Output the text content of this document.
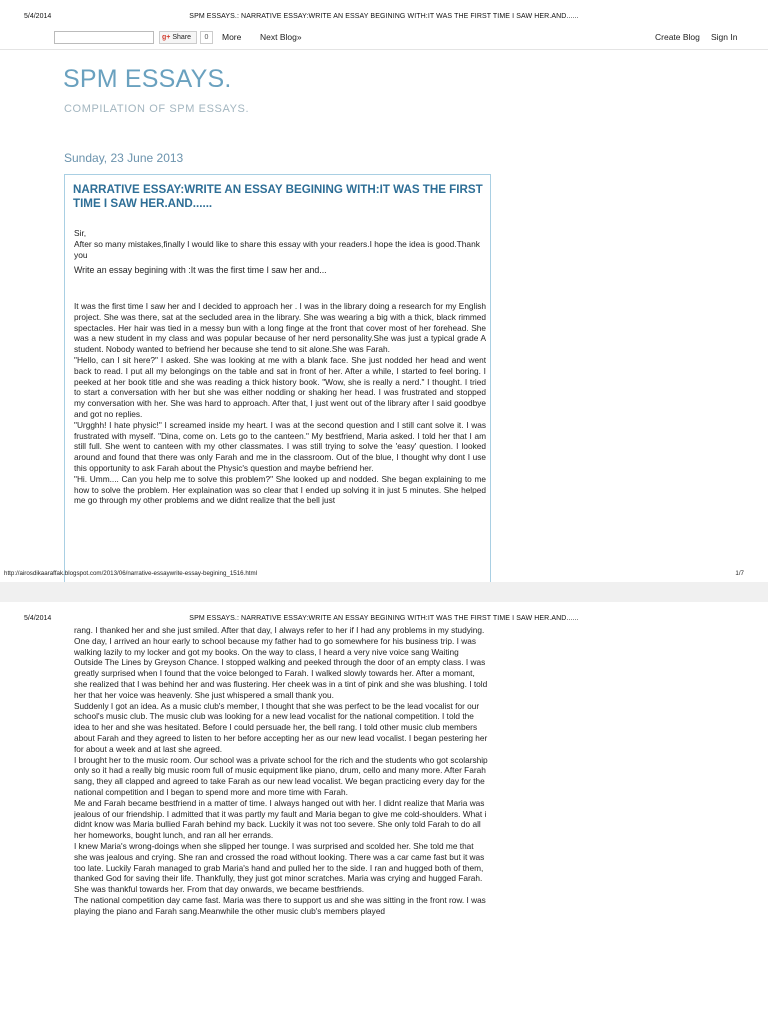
5/4/2014	SPM ESSAYS.: NARRATIVE ESSAY:WRITE AN ESSAY BEGINING WITH:IT WAS THE FIRST TIME I SAW HER.AND......
g+ Share	0	More Next Blog»	Create Blog Sign In
SPM ESSAYS.
COMPILATION OF SPM ESSAYS.
Sunday, 23 June 2013
NARRATIVE ESSAY:WRITE AN ESSAY BEGINING WITH:IT WAS THE FIRST TIME I SAW HER.AND......

Sir,

After so many mistakes,finally I would like to share this essay with your readers.I hope the idea is good.Thank you

Write an essay begining with :It was the first time I saw her and...

It was the first time I saw her and I decided to approach her . I was in the library doing a research for my English project. She was there, sat at the secluded area in the library. She was wearing a big with a thick, black rimmed spectacles. Her hair was tied in a messy bun with a long finge at the front that cover most of her forehead. She was a new student in my class and was popular because of her nerd personality.She was just a typical grade A student. Nobody wanted to befriend her because she tend to sit alone.She was Farah.

"Hello, can I sit here?" I asked. She was looking at me with a blank face. She just nodded her head and went back to read. I put all my belongings on the table and sat in front of her. After a while, I started to feel boring. I peeked at her book title and she was reading a thick history book. "Wow, she is really a nerd." I thought. I tried to start a conversation with her but she was either nodding or shaking her head. I was frustrated and stopped my conversation with her. She was hard to approach. After that, I just went out of the library after I said goodbye and got no replies.

"Urgghh! I hate physic!" I screamed inside my heart. I was at the second question and I still cant solve it. I was frustrated with myself. "Dina, come on. Lets go to the canteen." My bestfriend, Maria asked. I told her that I am still full. She went to canteen with my other classmates. I was still trying to solve the 'easy' question. I looked around and found that there was only Farah and me in the classroom. Out of the blue, I thought why dont I use this opportunity to ask Farah about the Physic's question and maybe befriend her.

"Hi. Umm.... Can you help me to solve this problem?" She looked up and nodded. She began explaining to me how to solve the problem. Her explaination was so clear that I ended up solving it in just 5 minutes. She helped me go through my other problems and we didnt realize that the bell just

http://airosdikaaraffak.blogspot.com/2013/06/narrative-essaywrite-essay-begining_1516.html	1/7
5/4/2014	SPM ESSAYS.: NARRATIVE ESSAY:WRITE AN ESSAY BEGINING WITH:IT WAS THE FIRST TIME I SAW HER.AND......

rang. I thanked her and she just smiled. After that day, I always refer to her if I had any problems in my studying.

One day, I arrived an hour early to school because my father had to go somewhere for his business trip. I was walking lazily to my locker and got my books. On the way to class, I heard a very nive voice sang Waiting Outside The Lines by Greyson Chance. I stopped walking and peeked through the door of an empty class. I was greatly surprised when I found that the voice belonged to Farah. I walked slowly towards her. After a momant, she realized that I was behind her and was flustering. Her cheek was in a tint of pink and she was blushing. I told her that her voice was heavenly. She just whispered a small thank you.

Suddenly I got an idea. As a music club's member, I thought that she was perfect to be the lead vocalist for our school's music club. The music club was looking for a new lead vocalist for the national competition. I told the idea to her and she was hesitated. Before I could persuade her, the bell rang. I told other music club members about Farah and they agreed to listen to her before accepting her as our new lead vocalist. I began pestering her for about a week and at last she agreed.

I brought her to the music room. Our school was a private school for the rich and the students who got scolarship only so it had a really big music room full of music equipment like piano, drum, cello and many more. After Farah sang, they all clapped and agreed to take Farah as our new lead vocalist. We began practicing every day for the national competition and I began to spend more and more time with Farah.

Me and Farah became bestfriend in a matter of time. I always hanged out with her. I didnt realize that Maria was jealous of our friendship. I admitted that it was partly my fault and Maria began to give me cold-shoulders. What i didnt know was Maria bullied Farah behind my back. Luckily it was not too severe. She only told Farah to do all her homeworks, bought lunch, and ran all her errands.

I knew Maria's wrong-doings when she slipped her tounge. I was surprised and scolded her. She told me that she was jealous and crying. She ran and crossed the road without looking. There was a car came fast but it was too late. Luckily Farah managed to grab Maria's hand and pulled her to the side. I ran and hugged both of them, thanked God for saving their life. Thankfully, they just got minor scratches. Maria was crying and hugged Farah. She was thankful towards her. From that day onwards, we became bestfriends.

The national competition day came fast. Maria was there to support us and she was sitting in the front row. I was playing the piano and Farah sang.Meanwhile the other music club's members played
